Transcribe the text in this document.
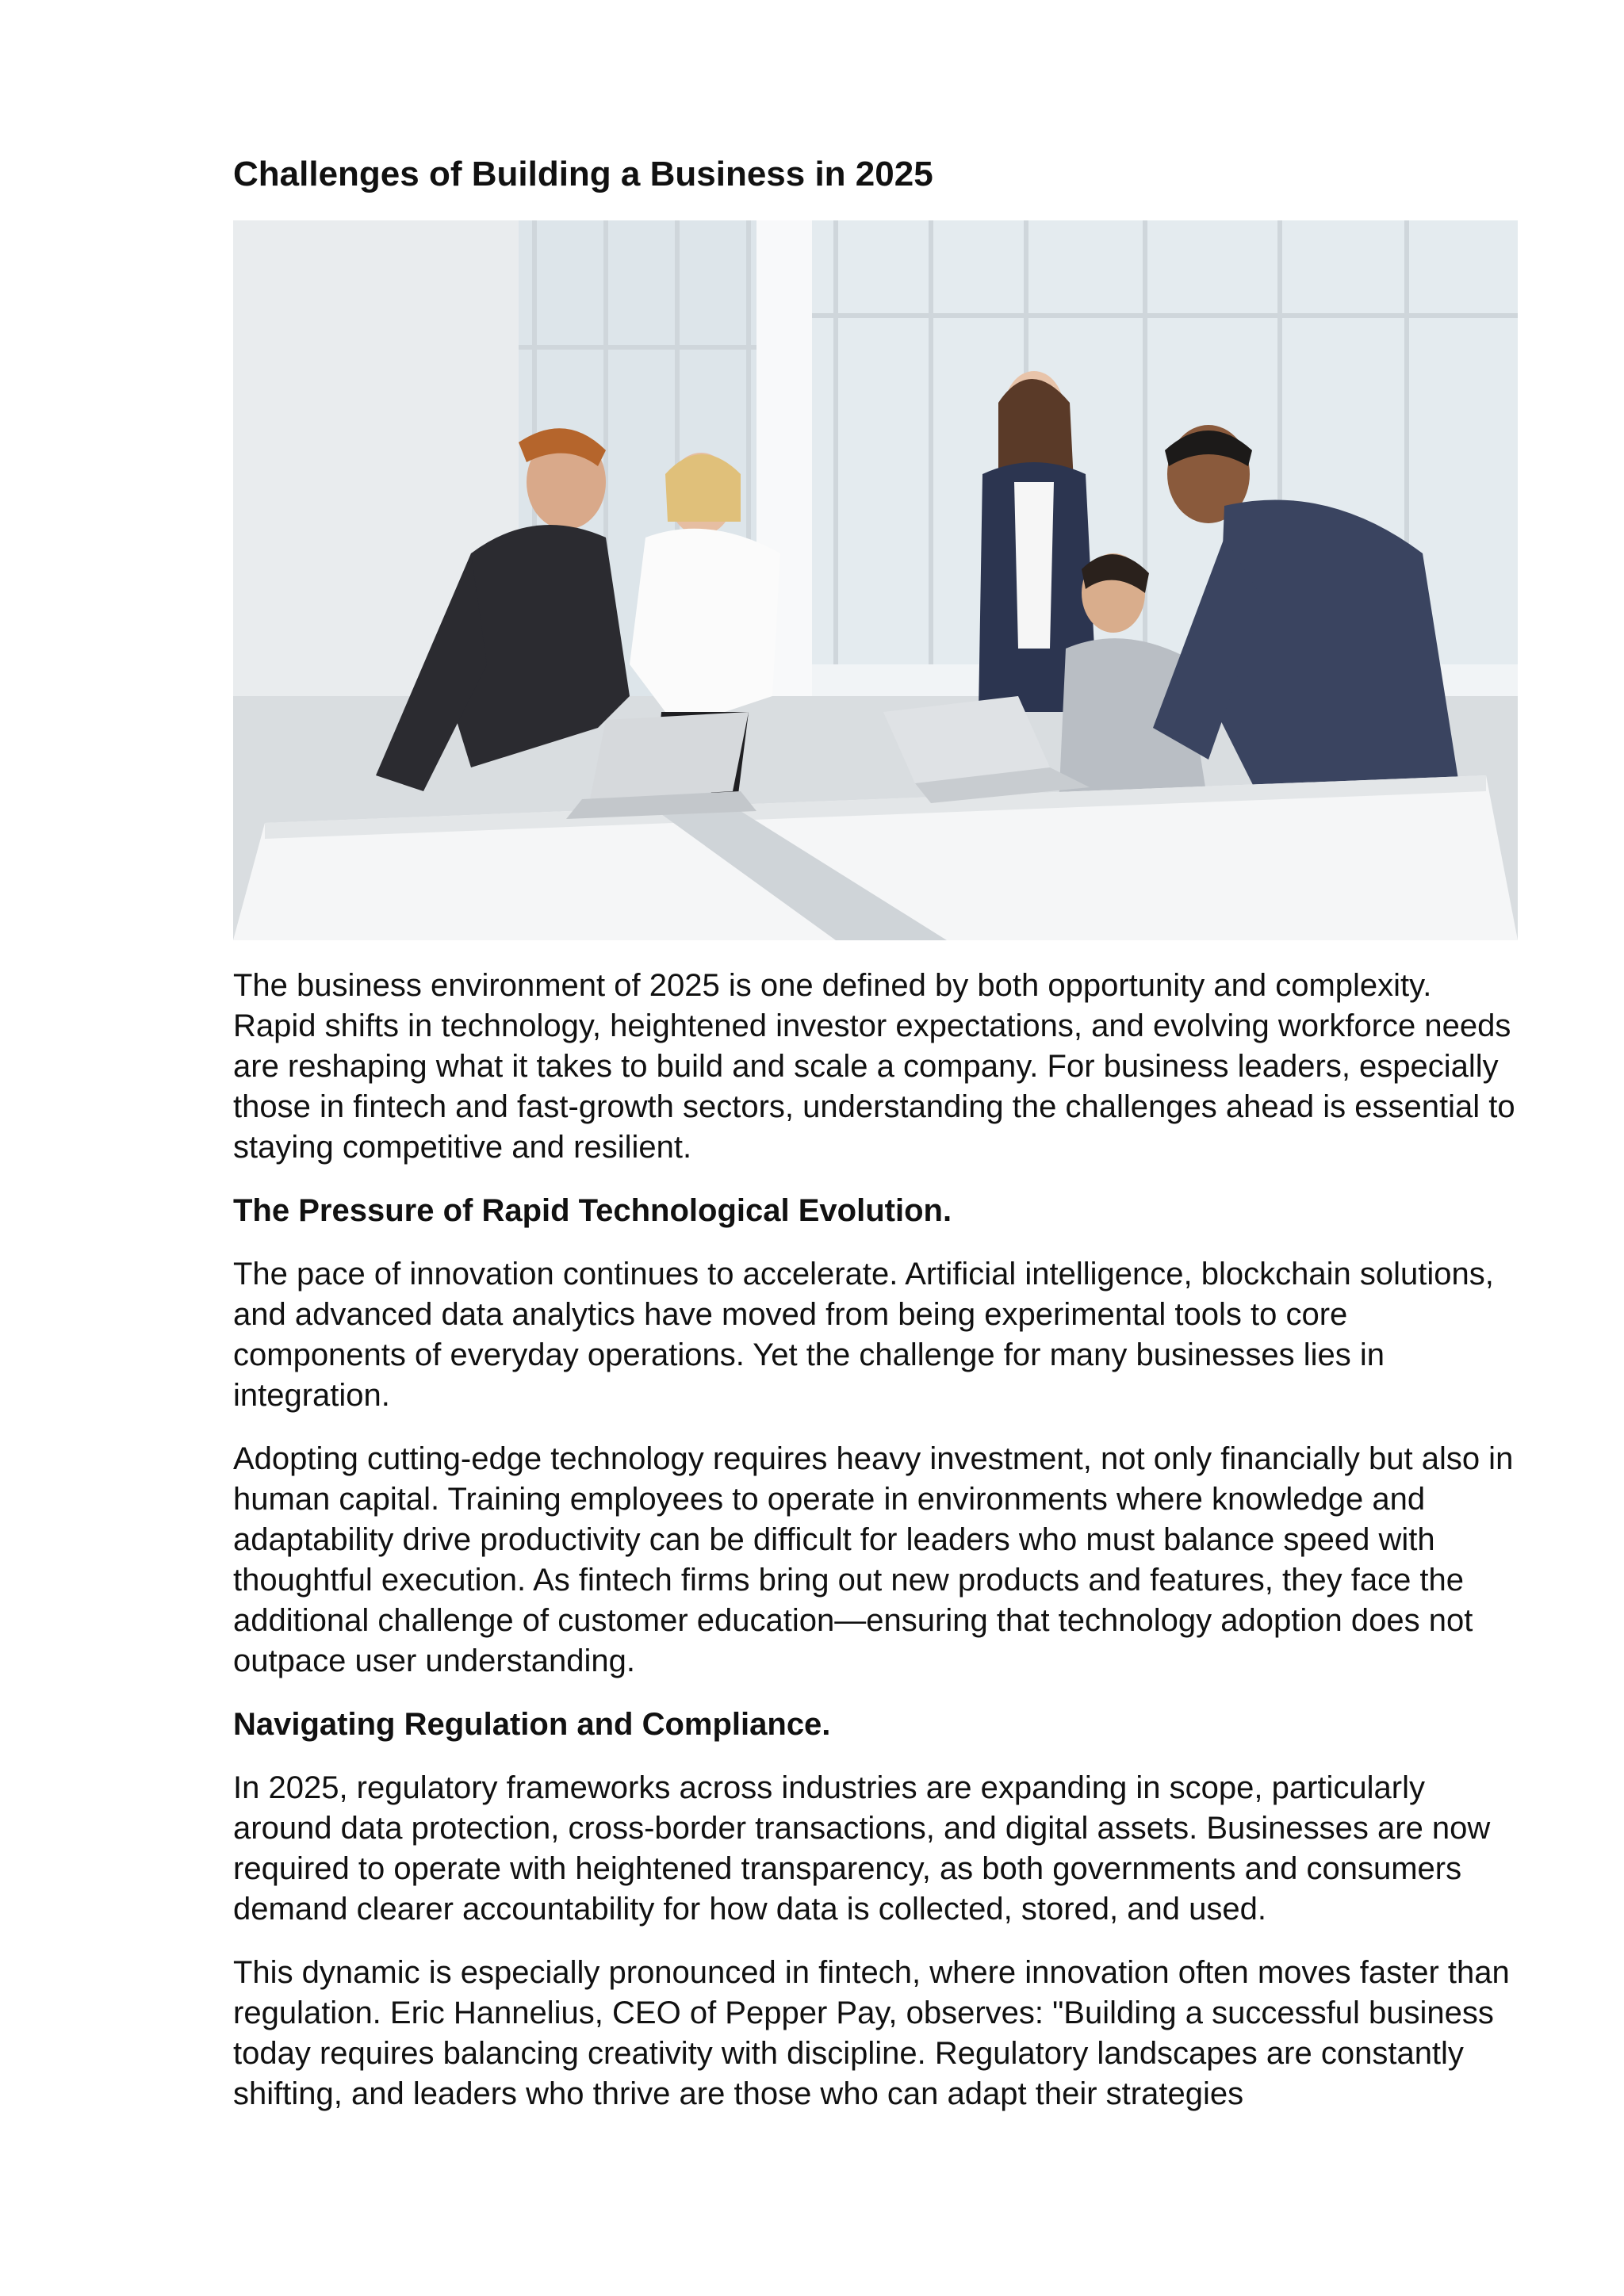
Challenges of Building a Business in 2025

The business environment of 2025 is one defined by both opportunity and complexity. Rapid shifts in technology, heightened investor expectations, and evolving workforce needs are reshaping what it takes to build and scale a company. For business leaders, especially those in fintech and fast-growth sectors, understanding the challenges ahead is essential to staying competitive and resilient.

The Pressure of Rapid Technological Evolution.

The pace of innovation continues to accelerate. Artificial intelligence, blockchain solutions, and advanced data analytics have moved from being experimental tools to core components of everyday operations. Yet the challenge for many businesses lies in integration.

Adopting cutting-edge technology requires heavy investment, not only financially but also in human capital. Training employees to operate in environments where knowledge and adaptability drive productivity can be difficult for leaders who must balance speed with thoughtful execution. As fintech firms bring out new products and features, they face the additional challenge of customer education—ensuring that technology adoption does not outpace user understanding.

Navigating Regulation and Compliance.

In 2025, regulatory frameworks across industries are expanding in scope, particularly around data protection, cross-border transactions, and digital assets. Businesses are now required to operate with heightened transparency, as both governments and consumers demand clearer accountability for how data is collected, stored, and used.

This dynamic is especially pronounced in fintech, where innovation often moves faster than regulation. Eric Hannelius, CEO of Pepper Pay, observes: "Building a successful business today requires balancing creativity with discipline. Regulatory landscapes are constantly shifting, and leaders who thrive are those who can adapt their strategies
